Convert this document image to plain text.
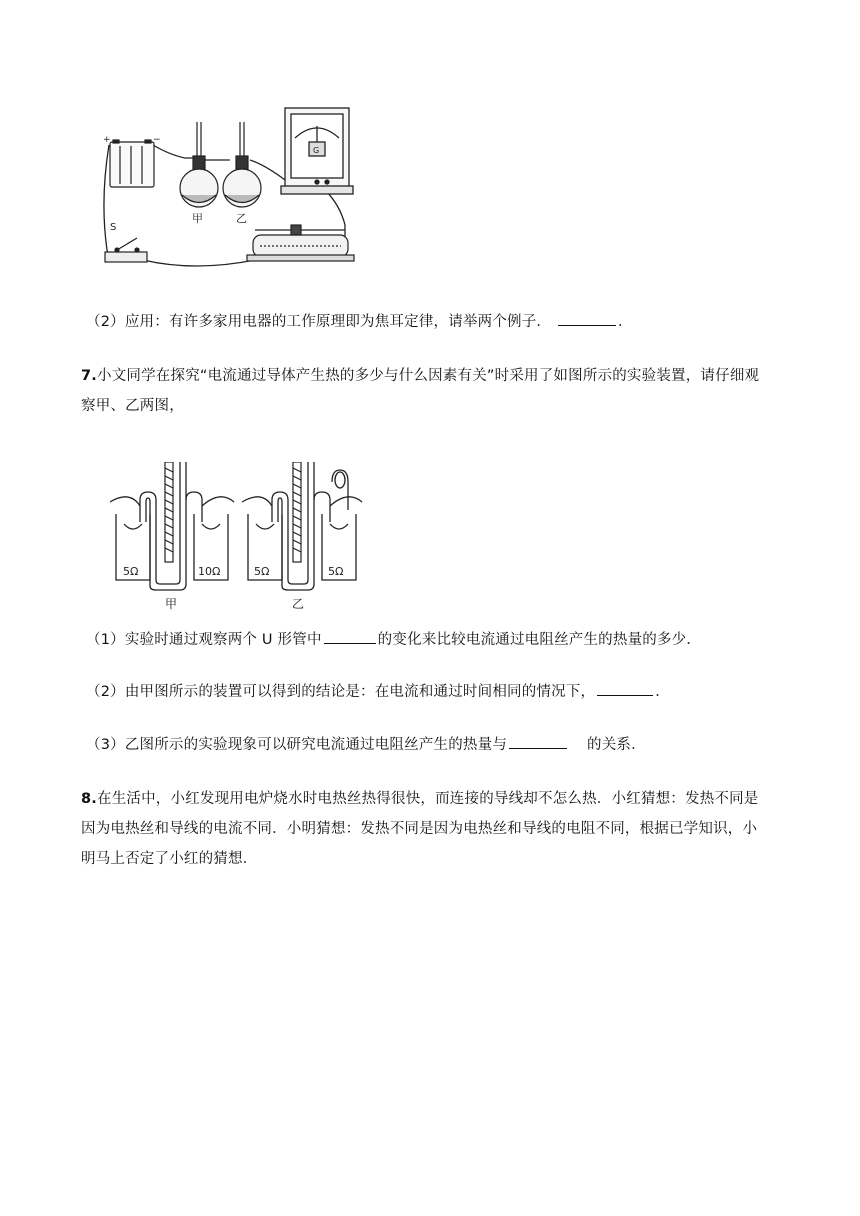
+	−
甲	乙
G
S
（2）应用：有许多家用电器的工作原理即为焦耳定律，请举两个例子．	．
7.小文同学在探究“电流通过导体产生热的多少与什么因素有关”时采用了如图所示的实验装置，请仔细观
察甲、乙两图，
5Ω	10Ω	5Ω	5Ω
甲	乙
（1）实验时通过观察两个 U 形管中	的变化来比较电流通过电阻丝产生的热量的多少．
（2）由甲图所示的装置可以得到的结论是：在电流和通过时间相同的情况下，	．
（3）乙图所示的实验现象可以研究电流通过电阻丝产生的热量与	的关系．
8.在生活中，小红发现用电炉烧水时电热丝热得很快，而连接的导线却不怎么热．小红猜想：发热不同是
因为电热丝和导线的电流不同．小明猜想：发热不同是因为电热丝和导线的电阻不同，根据已学知识，小
明马上否定了小红的猜想．
